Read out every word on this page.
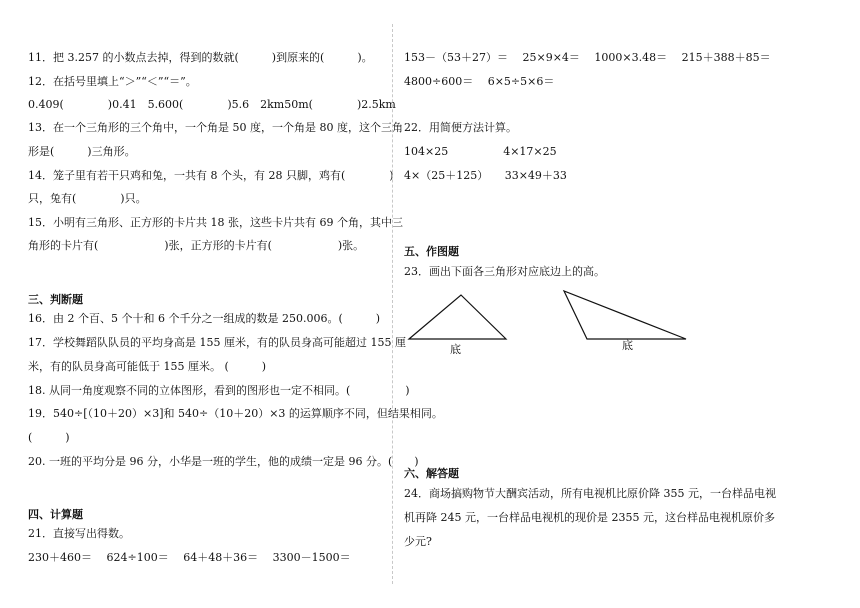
11．把 3.257 的小数点去掉，得到的数就(　　　)到原来的(　　　)。
12．在括号里填上“＞”“＜”“＝”。
0.409(　　　　)0.41　5.600(　　　　)5.6　2km50m(　　　　)2.5km
13．在一个三角形的三个角中，一个角是 50 度，一个角是 80 度，这个三角
形是(　　　)三角形。
14．笼子里有若干只鸡和兔，一共有 8 个头，有 28 只脚，鸡有(　　　　)
只，兔有(　　　　)只。
15．小明有三角形、正方形的卡片共 18 张，这些卡片共有 69 个角，其中三
角形的卡片有(　　　　　　)张，正方形的卡片有(　　　　　　)张。
三、判断题
16．由 2 个百、5 个十和 6 个千分之一组成的数是 250.006。(　　　)
17．学校舞蹈队队员的平均身高是 155 厘米，有的队员身高可能超过 155 厘
米，有的队员身高可能低于 155 厘米。 (　　　)
18. 从同一角度观察不同的立体图形，看到的图形也一定不相同。(　　　　　)
19．540÷[（10＋20）×3]和 540÷（10＋20）×3 的运算顺序不同，但结果相同。
(　　　)
20. 一班的平均分是 96 分，小华是一班的学生，他的成绩一定是 96 分。(　　)
四、计算题
21．直接写出得数。
230＋460＝　 624÷100＝　 64＋48＋36＝　 3300－1500＝
153－（53＋27）＝　 25×9×4＝　 1000×3.48＝　 215＋388＋85＝
4800÷600＝　 6×5÷5×6＝
22．用简便方法计算。
104×25　　　　　4×17×25
4×（25＋125）　　33×49＋33
五、作图题
23．画出下面各三角形对应底边上的高。
底	底
六、解答题
24．商场搞购物节大酬宾活动，所有电视机比原价降 355 元，一台样品电视
机再降 245 元，一台样品电视机的现价是 2355 元，这台样品电视机原价多
少元?
